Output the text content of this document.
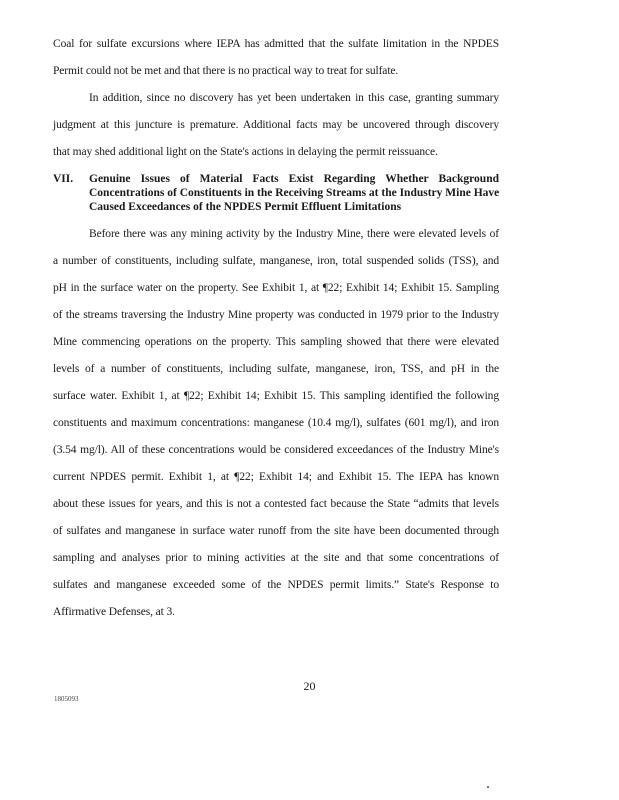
Coal for sulfate excursions where IEPA has admitted that the sulfate limitation in the NPDES
Permit could not be met and that there is no practical way to treat for sulfate.
In addition, since no discovery has yet been undertaken in this case, granting summary
judgment at this juncture is premature. Additional facts may be uncovered through discovery
that may shed additional light on the State's actions in delaying the permit reissuance.
VII. Genuine Issues of Material Facts Exist Regarding Whether Background
Concentrations of Constituents in the Receiving Streams at the Industry Mine Have
Caused Exceedances of the NPDES Permit Effluent Limitations
Before there was any mining activity by the Industry Mine, there were elevated levels of
a number of constituents, including sulfate, manganese, iron, total suspended solids (TSS), and
pH in the surface water on the property. See Exhibit 1, at ¶22; Exhibit 14; Exhibit 15. Sampling
of the streams traversing the Industry Mine property was conducted in 1979 prior to the Industry
Mine commencing operations on the property. This sampling showed that there were elevated
levels of a number of constituents, including sulfate, manganese, iron, TSS, and pH in the
surface water. Exhibit 1, at ¶22; Exhibit 14; Exhibit 15. This sampling identified the following
constituents and maximum concentrations: manganese (10.4 mg/l), sulfates (601 mg/l), and iron
(3.54 mg/l). All of these concentrations would be considered exceedances of the Industry Mine's
current NPDES permit. Exhibit 1, at ¶22; Exhibit 14; and Exhibit 15. The IEPA has known
about these issues for years, and this is not a contested fact because the State “admits that levels
of sulfates and manganese in surface water runoff from the site have been documented through
sampling and analyses prior to mining activities at the site and that some concentrations of
sulfates and manganese exceeded some of the NPDES permit limits.” State's Response to
Affirmative Defenses, at 3.
20
1805093
